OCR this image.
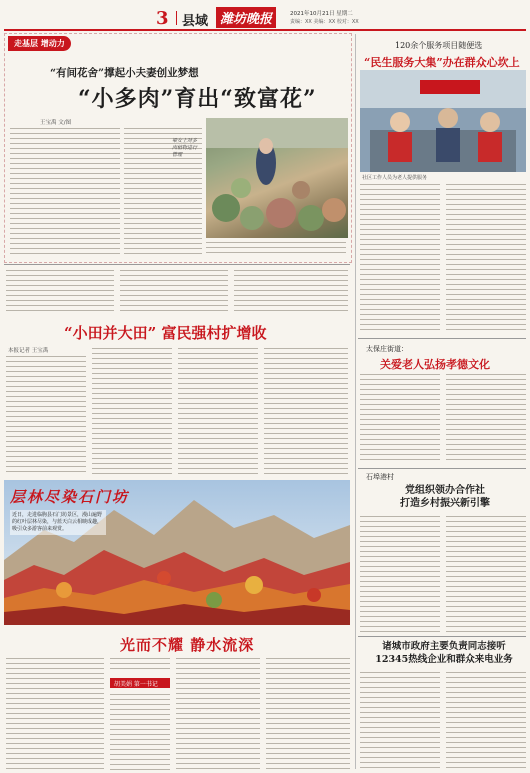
3 县域 潍坊晚报	2021年10月21日 星期二
责编：XX 美编：XX 校对：XX
走基层 增动力
“有间花舍”撑起小夫妻创业梦想
“小多肉”育出“致富花”
王宝禹 文/图
梁女士对多肉植物进行管理
“小田并大田” 富民强村扩增收
本报记者 王宝禹
层林尽染石门坊
近日，走进临朐县石门坊景区，漫山遍野的红叶层林尽染，与蓝天白云相映成趣，吸引众多游客前来观赏。
光而不耀 静水流深
胡美娟 第一书记
120余个服务项目随便选
“民生服务大集”办在群众心坎上
社区工作人员为老人提供服务
太保庄街道：
关爱老人弘扬孝德文化
石埠港村
党组织领办合作社
打造乡村振兴新引擎
诸城市政府主要负责同志接听
12345热线企业和群众来电业务
